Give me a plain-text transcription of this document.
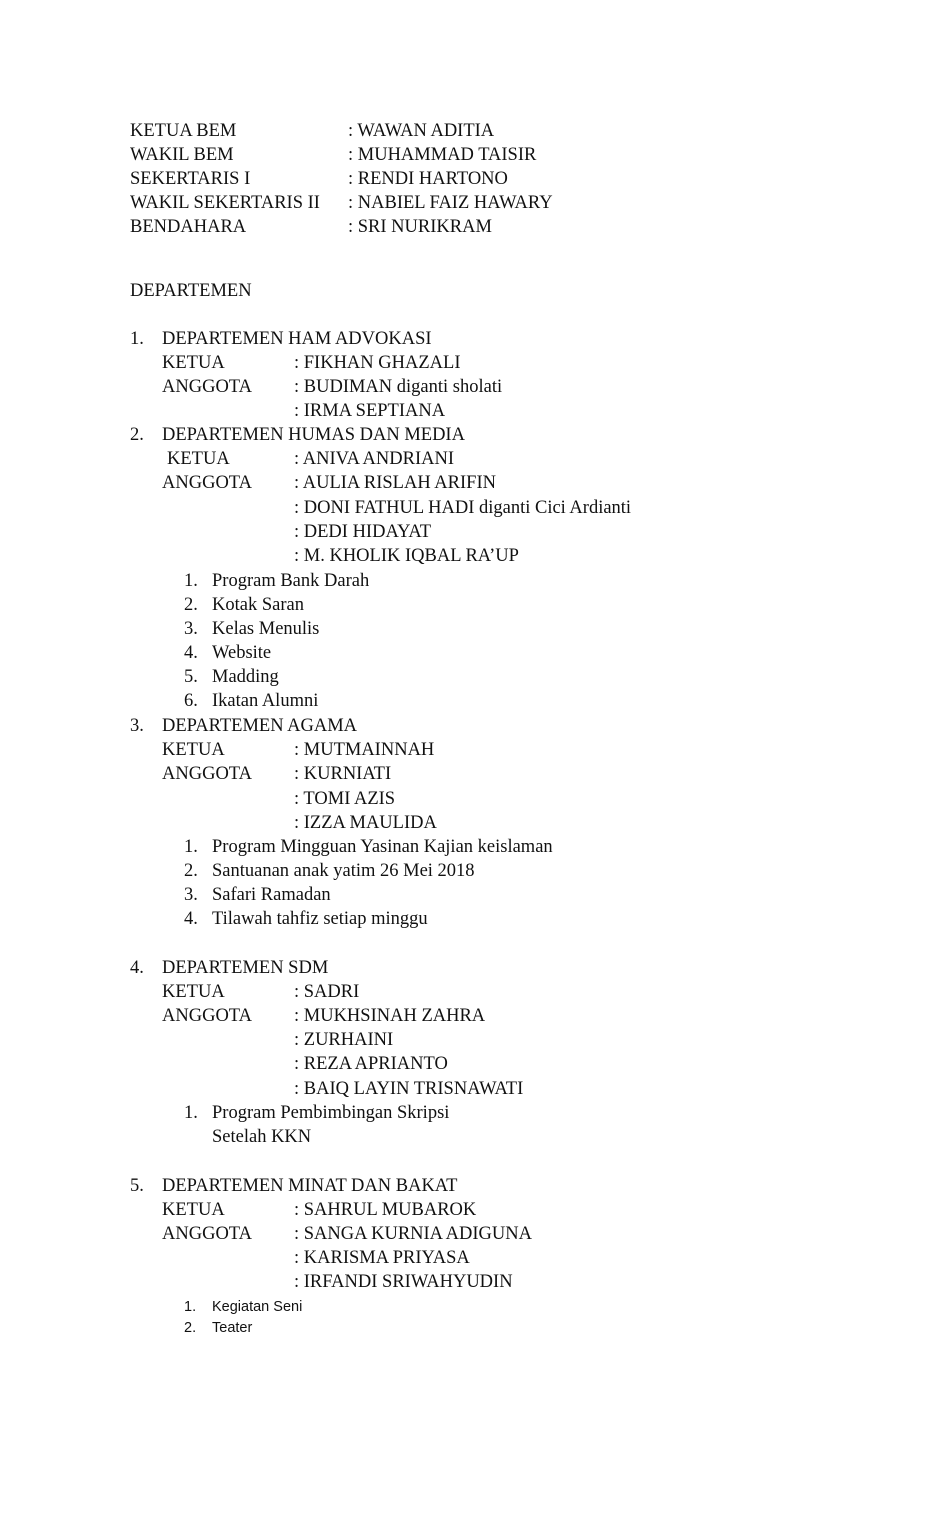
KETUA BEM	: WAWAN ADITIA
WAKIL BEM	: MUHAMMAD TAISIR
SEKERTARIS I	: RENDI HARTONO
WAKIL SEKERTARIS II : NABIEL FAIZ HAWARY
BENDAHARA	: SRI NURIKRAM
DEPARTEMEN
1. DEPARTEMEN HAM ADVOKASI
KETUA	: FIKHAN GHAZALI
ANGGOTA : BUDIMAN diganti sholati
: IRMA SEPTIANA
2. DEPARTEMEN HUMAS DAN MEDIA
KETUA	: ANIVA ANDRIANI
ANGGOTA : AULIA RISLAH ARIFIN
: DONI FATHUL HADI diganti Cici Ardianti
: DEDI HIDAYAT
: M. KHOLIK IQBAL RA’UP
1. Program Bank Darah
2. Kotak Saran
3. Kelas Menulis
4. Website
5. Madding
6. Ikatan Alumni
3. DEPARTEMEN AGAMA
KETUA	: MUTMAINNAH
ANGGOTA : KURNIATI
: TOMI AZIS
: IZZA MAULIDA
1. Program Mingguan Yasinan Kajian keislaman
2. Santuanan anak yatim 26 Mei 2018
3. Safari Ramadan
4. Tilawah tahfiz setiap minggu
4. DEPARTEMEN SDM
KETUA	: SADRI
ANGGOTA : MUKHSINAH ZAHRA
: ZURHAINI
: REZA APRIANTO
: BAIQ LAYIN TRISNAWATI
1. Program Pembimbingan Skripsi
Setelah KKN
5. DEPARTEMEN MINAT DAN BAKAT
KETUA	: SAHRUL MUBAROK
ANGGOTA : SANGA KURNIA ADIGUNA
: KARISMA PRIYASA
: IRFANDI SRIWAHYUDIN
1. Kegiatan Seni
2. Teater
